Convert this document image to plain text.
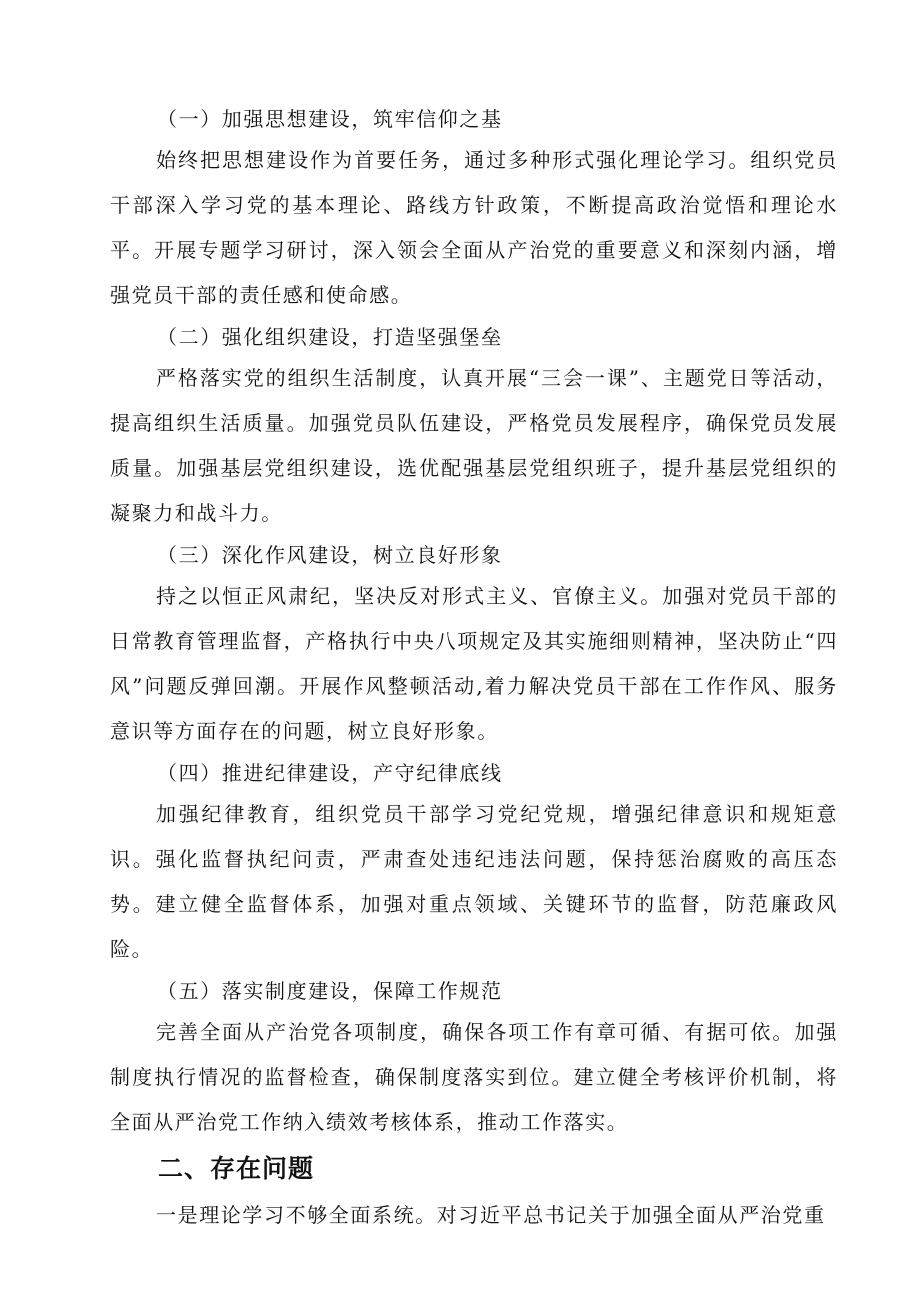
（一）加强思想建设，筑牢信仰之基

始终把思想建设作为首要任务，通过多种形式强化理论学习。组织党员干部深入学习党的基本理论、路线方针政策，不断提高政治觉悟和理论水平。开展专题学习研讨，深入领会全面从产治党的重要意义和深刻内涵，增强党员干部的责任感和使命感。

（二）强化组织建设，打造坚强堡垒

严格落实党的组织生活制度，认真开展“三会一课”、主题党日等活动，提高组织生活质量。加强党员队伍建设，严格党员发展程序，确保党员发展质量。加强基层党组织建设，选优配强基层党组织班子，提升基层党组织的凝聚力和战斗力。

（三）深化作风建设，树立良好形象

持之以恒正风肃纪，坚决反对形式主义、官僚主义。加强对党员干部的日常教育管理监督，产格执行中央八项规定及其实施细则精神，坚决防止“四风”问题反弹回潮。开展作风整顿活动,着力解决党员干部在工作作风、服务意识等方面存在的问题，树立良好形象。

（四）推进纪律建设，产守纪律底线

加强纪律教育，组织党员干部学习党纪党规，增强纪律意识和规矩意识。强化监督执纪问责，严肃查处违纪违法问题，保持惩治腐败的高压态势。建立健全监督体系，加强对重点领域、关键环节的监督，防范廉政风险。

（五）落实制度建设，保障工作规范

完善全面从产治党各项制度，确保各项工作有章可循、有据可依。加强制度执行情况的监督检查，确保制度落实到位。建立健全考核评价机制，将全面从严治党工作纳入绩效考核体系，推动工作落实。

二、存在问题

一是理论学习不够全面系统。对习近平总书记关于加强全面从严治党重
